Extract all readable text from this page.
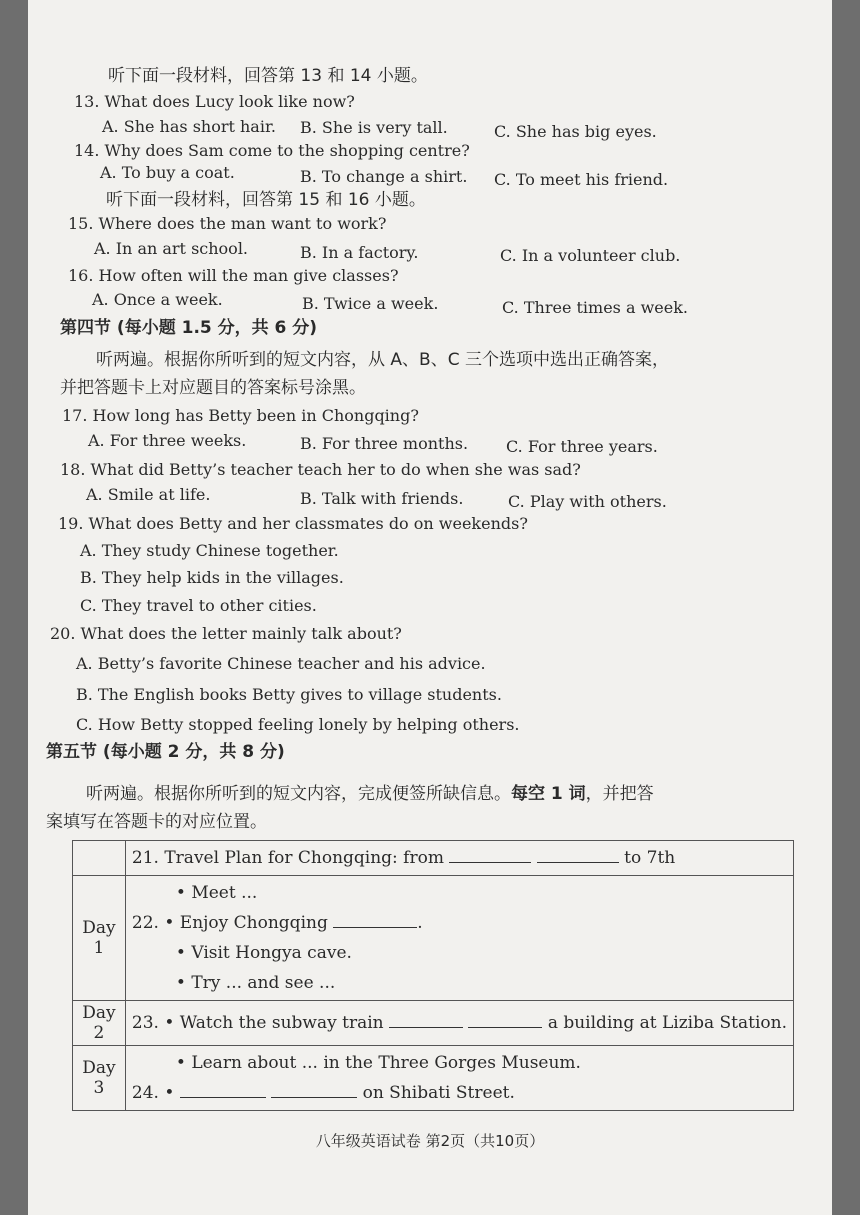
听下面一段材料，回答第 13 和 14 小题。
13. What does Lucy look like now?
A. She has short hair. B. She is very tall.	C. She has big eyes.
14. Why does Sam come to the shopping centre?
A. To buy a coat.	B. To change a shirt. C. To meet his friend.
听下面一段材料，回答第 15 和 16 小题。
15. Where does the man want to work?
A. In an art school.	B. In a factory.	C. In a volunteer club.
16. How often will the man give classes?
A. Once a week.	B. Twice a week.	C. Three times a week.
第四节 (每小题 1.5 分，共 6 分)
听两遍。根据你所听到的短文内容，从 A、B、C 三个选项中选出正确答案，
并把答题卡上对应题目的答案标号涂黑。
17. How long has Betty been in Chongqing?
A. For three weeks.	B. For three months. C. For three years.
18. What did Betty’s teacher teach her to do when she was sad?
A. Smile at life.	B. Talk with friends.	C. Play with others.
19. What does Betty and her classmates do on weekends?
A. They study Chinese together.
B. They help kids in the villages.
C. They travel to other cities.
20. What does the letter mainly talk about?
A. Betty’s favorite Chinese teacher and his advice.
B. The English books Betty gives to village students.
C. How Betty stopped feeling lonely by helping others.
第五节 (每小题 2 分，共 8 分)
听两遍。根据你所听到的短文内容，完成便签所缺信息。每空 1 词，并把答
案填写在答题卡的对应位置。

	21. Travel Plan for Chongqing: from to 7th

Day 1	• Meet ...
22. • Enjoy Chongqing .
• Visit Hongya cave.
• Try ... and see ...

Day 2	23. • Watch the subway train a building at Liziba Station.

Day 3	• Learn about ... in the Three Gorges Museum.
24. • on Shibati Street.
八年级英语试卷 第2页（共10页）
